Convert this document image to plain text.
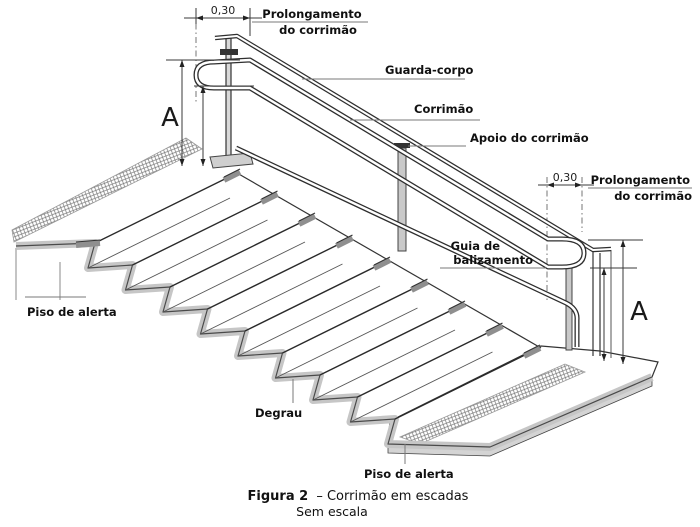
0,30
0,30
A
A
Prolongamento
do corrimão
Guarda-corpo
Corrimão
Apoio do corrimão
Guia de
balizamento
Piso de alerta
Degrau
Piso de alerta
Prolongamento
do corrimão
Figura 2 – Corrimão em escadas
Sem escala
